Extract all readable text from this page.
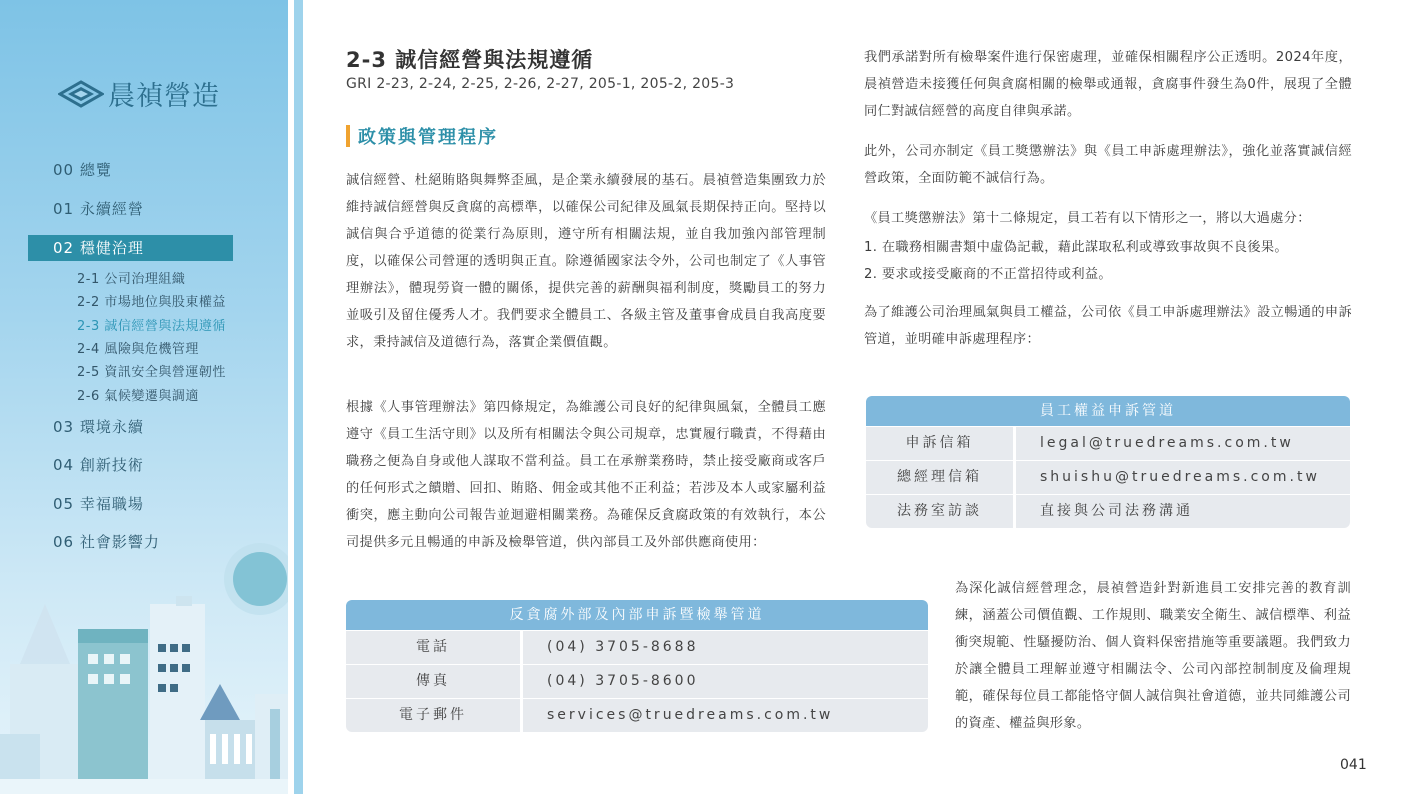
晨禎營造
00 總覽
01 永續經營
02 穩健治理
2-1 公司治理組織
2-2 市場地位與股東權益
2-3 誠信經營與法規遵循
2-4 風險與危機管理
2-5 資訊安全與營運韌性
2-6 氣候變遷與調適
03 環境永續
04 創新技術
05 幸福職場
06 社會影響力
2-3 誠信經營與法規遵循
GRI 2-23, 2-24, 2-25, 2-26, 2-27, 205-1, 205-2, 205-3
政策與管理程序
誠信經營、杜絕賄賂與舞弊歪風，是企業永續發展的基石。晨禎營造集團致力於維持誠信經營與反貪腐的高標準，以確保公司紀律及風氣長期保持正向。堅持以誠信與合乎道德的從業行為原則，遵守所有相關法規，並自我加強內部管理制度，以確保公司營運的透明與正直。除遵循國家法令外，公司也制定了《人事管理辦法》，體現勞資一體的關係，提供完善的薪酬與福利制度，獎勵員工的努力並吸引及留住優秀人才。我們要求全體員工、各級主管及董事會成員自我高度要求，秉持誠信及道德行為，落實企業價值觀。
根據《人事管理辦法》第四條規定，為維護公司良好的紀律與風氣，全體員工應遵守《員工生活守則》以及所有相關法令與公司規章，忠實履行職責，不得藉由職務之便為自身或他人謀取不當利益。員工在承辦業務時，禁止接受廠商或客戶的任何形式之饋贈、回扣、賄賂、佣金或其他不正利益；若涉及本人或家屬利益衝突，應主動向公司報告並迴避相關業務。為確保反貪腐政策的有效執行，本公司提供多元且暢通的申訴及檢舉管道，供內部員工及外部供應商使用：
反貪腐外部及內部申訴暨檢舉管道
電話	(04) 3705-8688
傳真	(04) 3705-8600
電子郵件	services@truedreams.com.tw
我們承諾對所有檢舉案件進行保密處理，並確保相關程序公正透明。2024年度，晨禎營造未接獲任何與貪腐相關的檢舉或通報，貪腐事件發生為0件，展現了全體同仁對誠信經營的高度自律與承諾。
此外，公司亦制定《員工獎懲辦法》與《員工申訴處理辦法》，強化並落實誠信經營政策，全面防範不誠信行為。
《員工獎懲辦法》第十二條規定，員工若有以下情形之一，將以大過處分：
1. 在職務相關書類中虛偽記載，藉此謀取私利或導致事故與不良後果。
2. 要求或接受廠商的不正當招待或利益。
為了維護公司治理風氣與員工權益，公司依《員工申訴處理辦法》設立暢通的申訴管道，並明確申訴處理程序：
員工權益申訴管道
申訴信箱	legal@truedreams.com.tw
總經理信箱	shuishu@truedreams.com.tw
法務室訪談	直接與公司法務溝通
為深化誠信經營理念，晨禎營造針對新進員工安排完善的教育訓練，涵蓋公司價值觀、工作規則、職業安全衛生、誠信標準、利益衝突規範、性騷擾防治、個人資料保密措施等重要議題。我們致力於讓全體員工理解並遵守相關法令、公司內部控制制度及倫理規範，確保每位員工都能恪守個人誠信與社會道德，並共同維護公司的資產、權益與形象。
041
